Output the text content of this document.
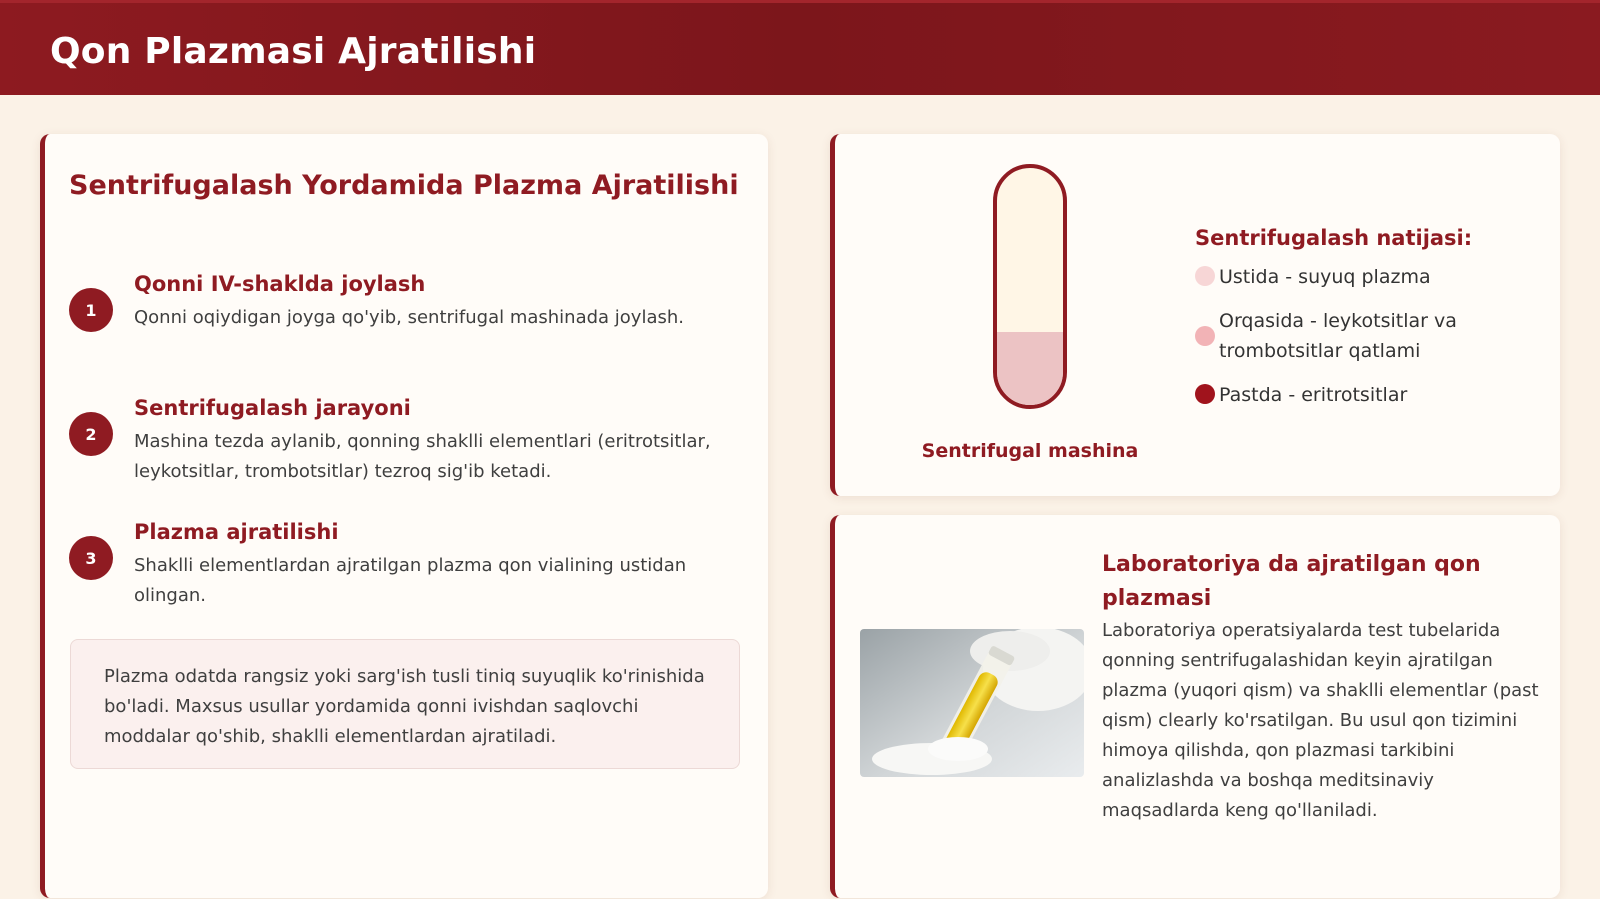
Qon Plazmasi Ajratilishi
Sentrifugalash Yordamida Plazma Ajratilishi
1
Qonni IV-shaklda joylash
Qonni oqiydigan joyga qo'yib, sentrifugal mashinada joylash.
2
Sentrifugalash jarayoni
Mashina tezda aylanib, qonning shaklli elementlari (eritrotsitlar, leykotsitlar, trombotsitlar) tezroq sig'ib ketadi.
3
Plazma ajratilishi
Shaklli elementlardan ajratilgan plazma qon vialining ustidan olingan.
Plazma odatda rangsiz yoki sarg'ish tusli tiniq suyuqlik ko'rinishida bo'ladi. Maxsus usullar yordamida qonni ivishdan saqlovchi moddalar qo'shib, shaklli elementlardan ajratiladi.
Sentrifugal mashina
Sentrifugalash natijasi:
Ustida - suyuq plazma
Orqasida - leykotsitlar va trombotsitlar qatlami
Pastda - eritrotsitlar
Laboratoriya da ajratilgan qon plazmasi
Laboratoriya operatsiyalarda test tubelarida qonning sentrifugalashidan keyin ajratilgan plazma (yuqori qism) va shaklli elementlar (past qism) clearly ko'rsatilgan. Bu usul qon tizimini himoya qilishda, qon plazmasi tarkibini analizlashda va boshqa meditsinaviy maqsadlarda keng qo'llaniladi.
